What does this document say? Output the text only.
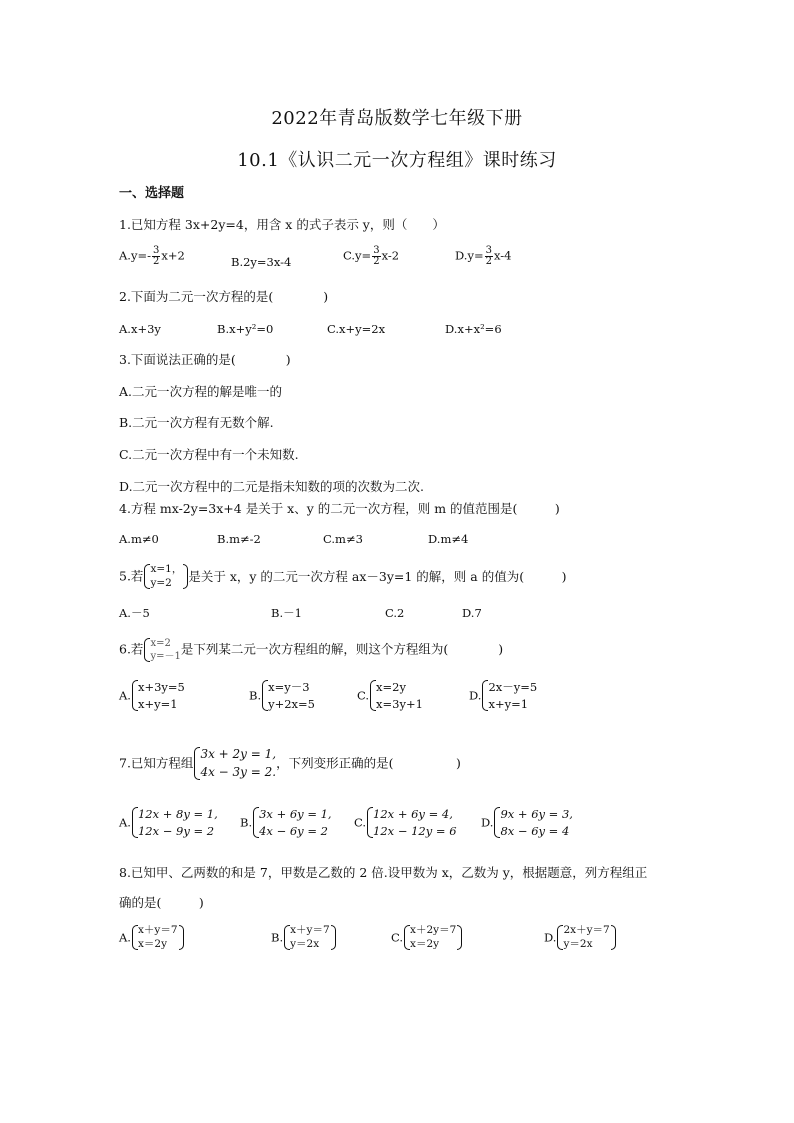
2022年青岛版数学七年级下册
10.1《认识二元一次方程组》课时练习
一、选择题
1.已知方程 3x+2y=4，用含 x 的式子表示 y，则（　　）
$A.y=- \frac{3}{2} x+2$	B.2y=3x-4	$C.y= \frac{3}{2} x-2$	$D.y= \frac{3}{2} x-4$
2.下面为二元一次方程的是(　　　　)
A.x+3y	B.x+y²=0	C.x+y=2x	D.x+x²=6
3.下面说法正确的是(　　　　)
A.二元一次方程的解是唯一的
B.二元一次方程有无数个解.
C.二元一次方程中有一个未知数.
D.二元一次方程中的二元是指未知数的项的次数为二次.
4.方程 mx-2y=3x+4 是关于 x、y 的二元一次方程，则 m 的值范围是(　　　)
A.m≠0	B.m≠-2	C.m≠3	D.m≠4
5.若 x=1，
y=2	是关于 x，y 的二元一次方程 ax－3y=1 的解，则 a 的值为(　　　)
A.－5	B.－1	C.2	D.7
6.若 x=2
y=－1 是下列某二元一次方程组的解，则这个方程组为(　　　　)
A.
x+3y=5
x+y=1
B.
x=y－3
y+2x=5
C.
x=2y
x=3y+1
D.
2x－y=5
x+y=1
7.已知方程组
3x + 2y = 1,
4x − 3y = 2.
，下列变形正确的是(　　　　　)
A.
12x + 8y = 1,
12x − 9y = 2
B.
3x + 6y = 1,
4x − 6y = 2
C.
12x + 6y = 4,
12x − 12y = 6
D.
9x + 6y = 3,
8x − 6y = 4
8.已知甲、乙两数的和是 7，甲数是乙数的 2 倍.设甲数为 x，乙数为 y，根据题意，列方程组正
确的是(　　　)
A.
x＋y＝7
x＝2y	B.
x＋y＝7
y＝2x	C.
x＋2y＝7
x＝2y	D.
2x＋y＝7
y＝2x
